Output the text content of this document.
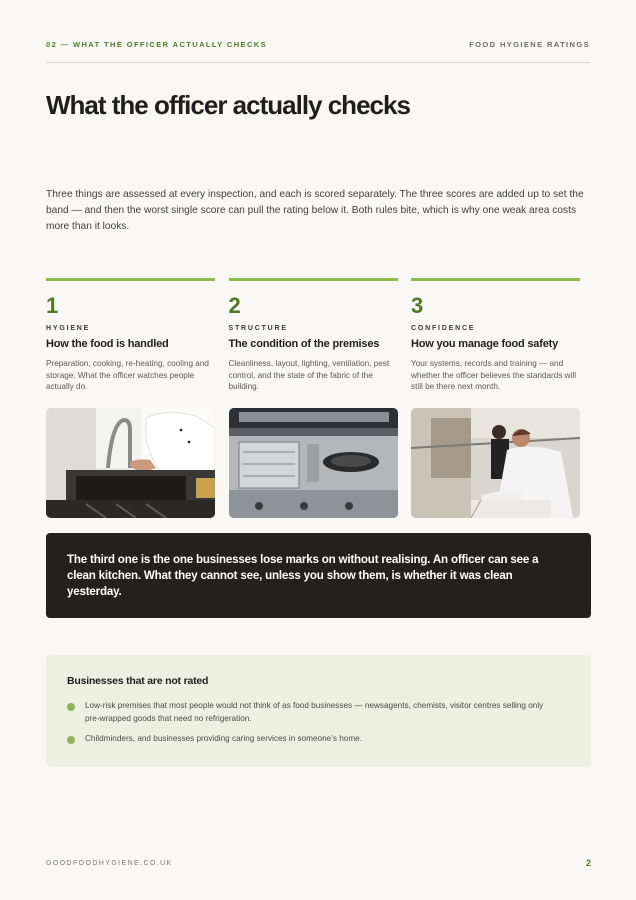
02 — WHAT THE OFFICER ACTUALLY CHECKS	FOOD HYGIENE RATINGS
What the officer actually checks

Three things are assessed at every inspection, and each is scored separately. The three scores are added up to set the band — and then the worst single score can pull the rating below it. Both rules bite, which is why one weak area costs more than it looks.

1
HYGIENE
How the food is handled
Preparation, cooking, re-heating, cooling and storage. What the officer watches people actually do.
2
STRUCTURE
The condition of the premises
Cleanliness, layout, lighting, ventilation, pest control, and the state of the fabric of the building.
3
CONFIDENCE
How you manage food safety
Your systems, records and training — and whether the officer believes the standards will still be there next month.

The third one is the one businesses lose marks on without realising. An officer can see a clean kitchen. What they cannot see, unless you show them, is whether it was clean yesterday.

Businesses that are not rated
Low-risk premises that most people would not think of as food businesses — newsagents, chemists, visitor centres selling only pre-wrapped goods that need no refrigeration.
Childminders, and businesses providing caring services in someone’s home.
GOODFOODHYGIENE.CO.UK	2
